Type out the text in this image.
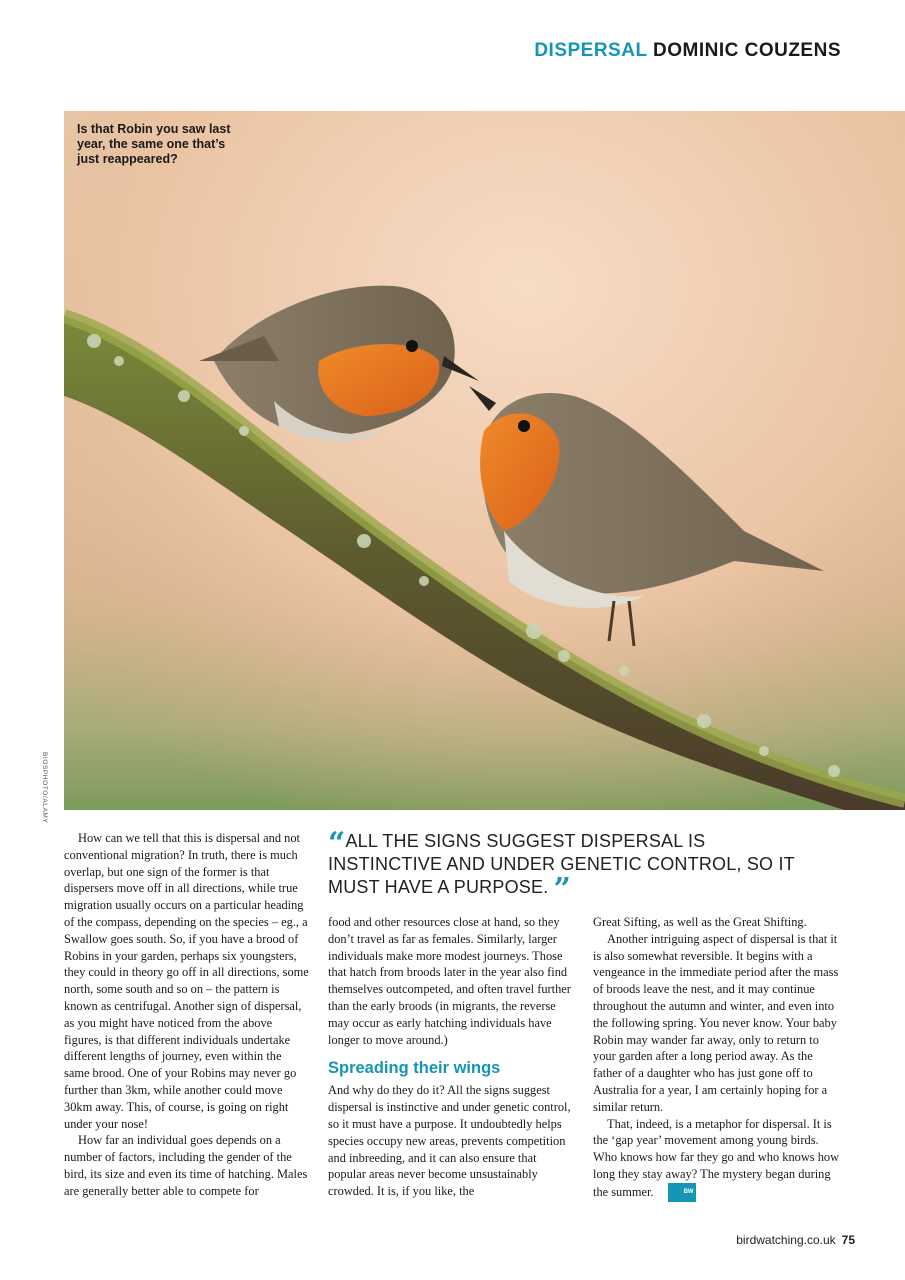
DISPERSAL DOMINIC COUZENS
Is that Robin you saw last year, the same one that’s just reappeared?
BIOSPHOTO/ALAMY

How can we tell that this is dispersal and not conventional migration? In truth, there is much overlap, but one sign of the former is that dispersers move off in all directions, while true migration usually occurs on a particular heading of the compass, depending on the species – eg., a Swallow goes south. So, if you have a brood of Robins in your garden, perhaps six youngsters, they could in theory go off in all directions, some north, some south and so on – the pattern is known as centrifugal. Another sign of dispersal, as you might have noticed from the above figures, is that different individuals undertake different lengths of journey, even within the same brood. One of your Robins may never go further than 3km, while another could move 30km away. This, of course, is going on right under your nose!

How far an individual goes depends on a number of factors, including the gender of the bird, its size and even its time of hatching. Males are generally better able to compete for

“ALL THE SIGNS SUGGEST DISPERSAL IS INSTINCTIVE AND UNDER GENETIC CONTROL, SO IT MUST HAVE A PURPOSE. ”

food and other resources close at hand, so they don’t travel as far as females. Similarly, larger individuals make more modest journeys. Those that hatch from broods later in the year also find themselves outcompeted, and often travel further than the early broods (in migrants, the reverse may occur as early hatching individuals have longer to move around.)

Spreading their wings

And why do they do it? All the signs suggest dispersal is instinctive and under genetic control, so it must have a purpose. It undoubtedly helps species occupy new areas, prevents competition and inbreeding, and it can also ensure that popular areas never become unsustainably crowded. It is, if you like, the

Great Sifting, as well as the Great Shifting.

Another intriguing aspect of dispersal is that it is also somewhat reversible. It begins with a vengeance in the immediate period after the mass of broods leave the nest, and it may continue throughout the autumn and winter, and even into the following spring. You never know. Your baby Robin may wander far away, only to return to your garden after a long period away. As the father of a daughter who has just gone off to Australia for a year, I am certainly hoping for a similar return.

That, indeed, is a metaphor for dispersal. It is the ‘gap year’ movement among young birds. Who knows how far they go and who knows how long they stay away? The mystery began during the summer.	BW

birdwatching.co.uk 75
